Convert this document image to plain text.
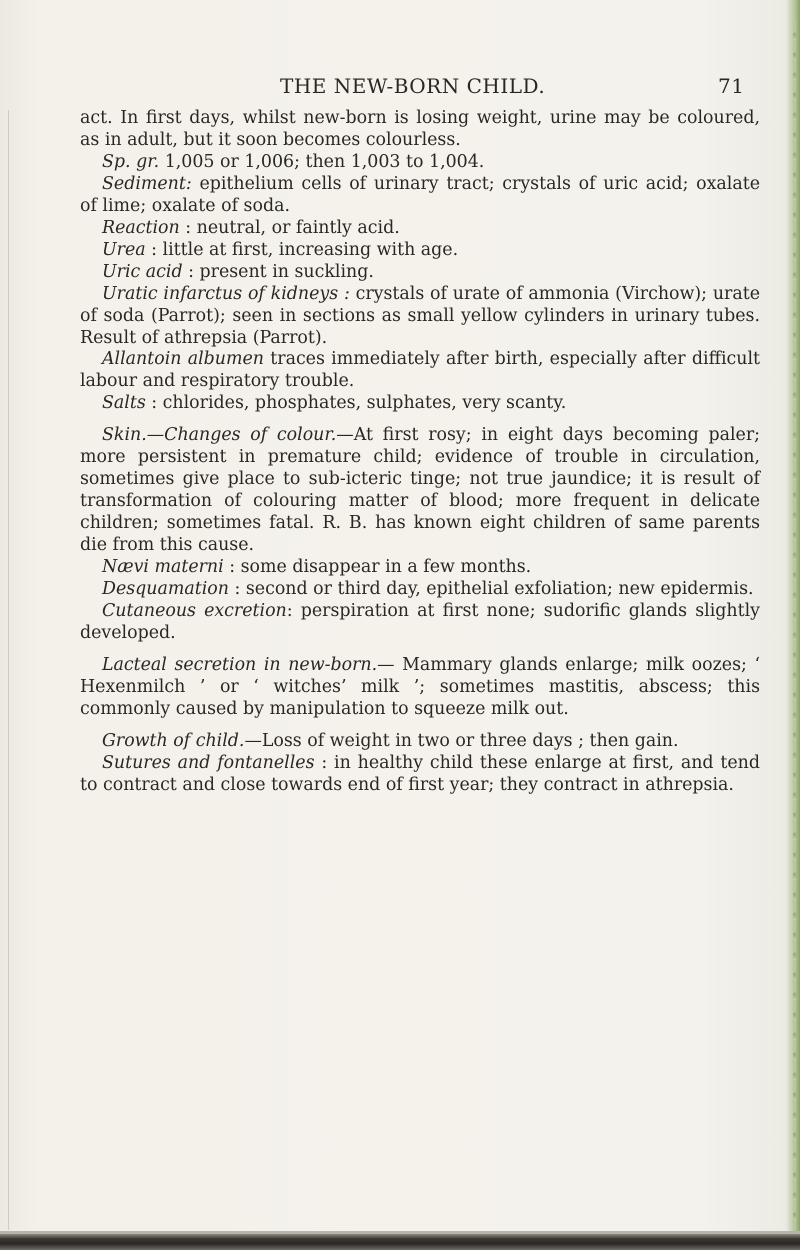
THE NEW-BORN CHILD.	71

act. In first days, whilst new-born is losing weight, urine may be coloured, as in adult, but it soon becomes colourless.

Sp. gr. 1,005 or 1,006; then 1,003 to 1,004.

Sediment: epithelium cells of urinary tract; crystals of uric acid; oxalate of lime; oxalate of soda.

Reaction : neutral, or faintly acid.

Urea : little at first, increasing with age.

Uric acid : present in suckling.

Uratic infarctus of kidneys : crystals of urate of ammonia (Virchow); urate of soda (Parrot); seen in sections as small yellow cylinders in urinary tubes. Result of athrepsia (Parrot).

Allantoin albumen traces immediately after birth, especially after difficult labour and respiratory trouble.

Salts : chlorides, phosphates, sulphates, very scanty.

Skin.—Changes of colour.—At first rosy; in eight days becoming paler; more persistent in premature child; evidence of trouble in circulation, sometimes give place to sub-icteric tinge; not true jaundice; it is result of transformation of colouring matter of blood; more frequent in delicate children; sometimes fatal. R. B. has known eight children of same parents die from this cause.

Nævi materni : some disappear in a few months.

Desquamation : second or third day, epithelial exfoliation; new epidermis.

Cutaneous excretion: perspiration at first none; sudorific glands slightly developed.

Lacteal secretion in new-born.— Mammary glands enlarge; milk oozes; ‘ Hexenmilch ’ or ‘ witches’ milk ’; sometimes mastitis, abscess; this commonly caused by manipulation to squeeze milk out.

Growth of child.—Loss of weight in two or three days ; then gain.

Sutures and fontanelles : in healthy child these enlarge at first, and tend to contract and close towards end of first year; they contract in athrepsia.
